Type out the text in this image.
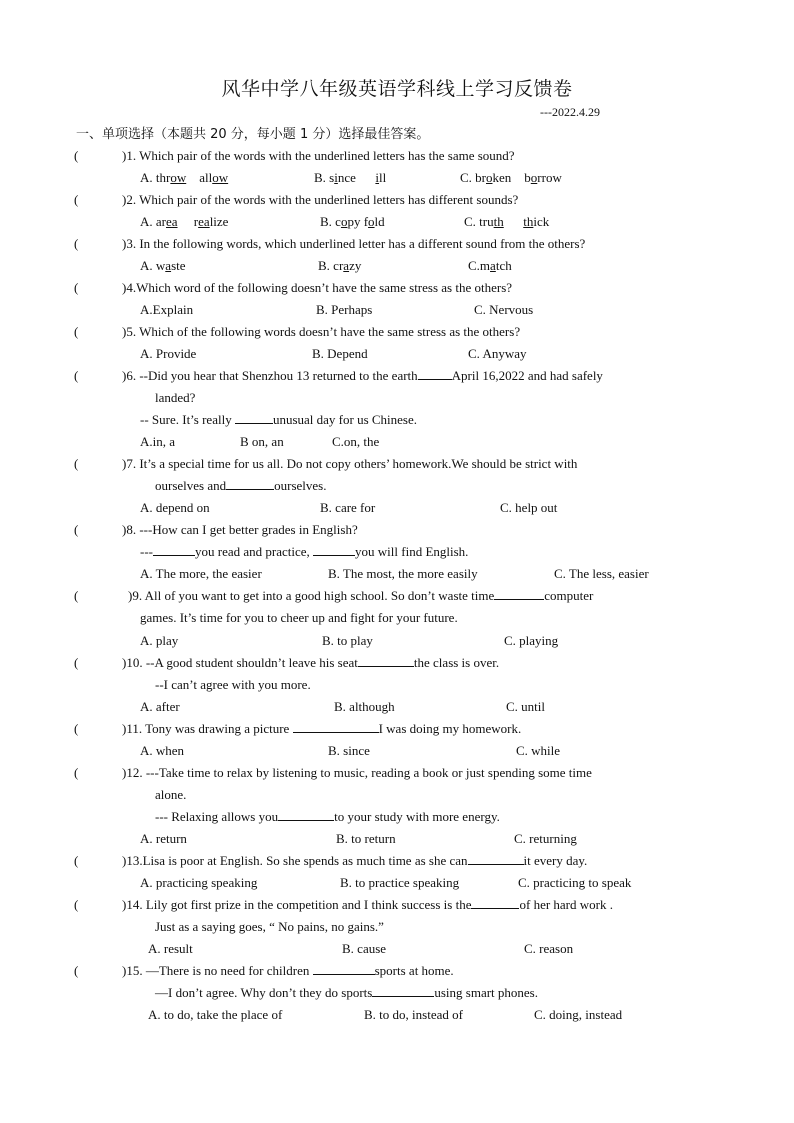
风华中学八年级英语学科线上学习反馈卷
---2022.4.29
一、单项选择（本题共 20 分，每小题 1 分）选择最佳答案。
(	)1. Which pair of the words with the underlined letters has the same sound?
A. throw allow	B. since ill	C. broken borrow
(	)2. Which pair of the words with the underlined letters has different sounds?
A. area realize	B. copy fold	C. truth thick
(	)3. In the following words, which underlined letter has a different sound from the others?
A. waste	B. crazy	C.match
(	)4.Which word of the following doesn’t have the same stress as the others?
A.Explain	B. Perhaps	C. Nervous
(	)5. Which of the following words doesn’t have the same stress as the others?
A. Provide	B. Depend	C. Anyway
(	)6. --Did you hear that Shenzhou 13 returned to the earth	April 16,2022 and had safely
landed?
-- Sure. It’s really	unusual day for us Chinese.
A.in, a	B on, an	C.on, the
(	)7. It’s a special time for us all. Do not copy others’ homework.We should be strict with
ourselves and	ourselves.
A. depend on	B. care for	C. help out
(	)8. ---How can I get better grades in English?
---	you read and practice,	you will find English.
A. The more, the easier	B. The most, the more easily	C. The less, easier
(	)9. All of you want to get into a good high school. So don’t waste time	computer
games. It’s time for you to cheer up and fight for your future.
A. play	B. to play	C. playing
(	)10. --A good student shouldn’t leave his seat	the class is over.
--I can’t agree with you more.
A. after	B. although	C. until
(	)11. Tony was drawing a picture	I was doing my homework.
A. when	B. since	C. while
(	)12. ---Take time to relax by listening to music, reading a book or just spending some time
alone.
--- Relaxing allows you	to your study with more energy.
A. return	B. to return	C. returning
(	)13.Lisa is poor at English. So she spends as much time as she can	it every day.
A. practicing speaking	B. to practice speaking	C. practicing to speak
(	)14. Lily got first prize in the competition and I think success is the	of her hard work .
Just as a saying goes, “ No pains, no gains.”
A. result	B. cause	C. reason
(	)15. —There is no need for children	sports at home.
—I don’t agree. Why don’t they do sports	using smart phones.
A. to do, take the place of	B. to do, instead of	C. doing, instead
